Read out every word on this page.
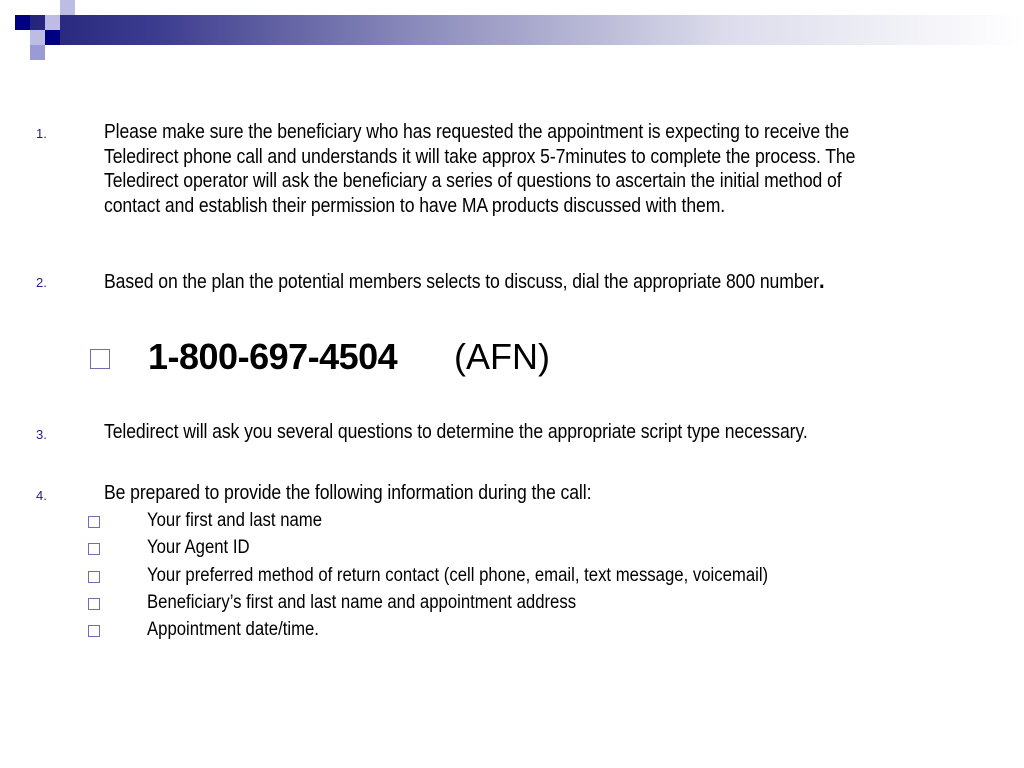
1.	Please make sure the beneficiary who has requested the appointment is expecting to receive the Teledirect phone call and understands it will take approx 5-7minutes to complete the process. The Teledirect operator will ask the beneficiary a series of questions to ascertain the initial method of contact and establish their permission to have MA products discussed with them.
2.	Based on the plan the potential members selects to discuss, dial the appropriate 800 number.
1-800-697-4504 (AFN)
3.	Teledirect will ask you several questions to determine the appropriate script type necessary.
4.	Be prepared to provide the following information during the call:
Your first and last name
Your Agent ID
Your preferred method of return contact (cell phone, email, text message, voicemail)
Beneficiary’s first and last name and appointment address
Appointment date/time.
